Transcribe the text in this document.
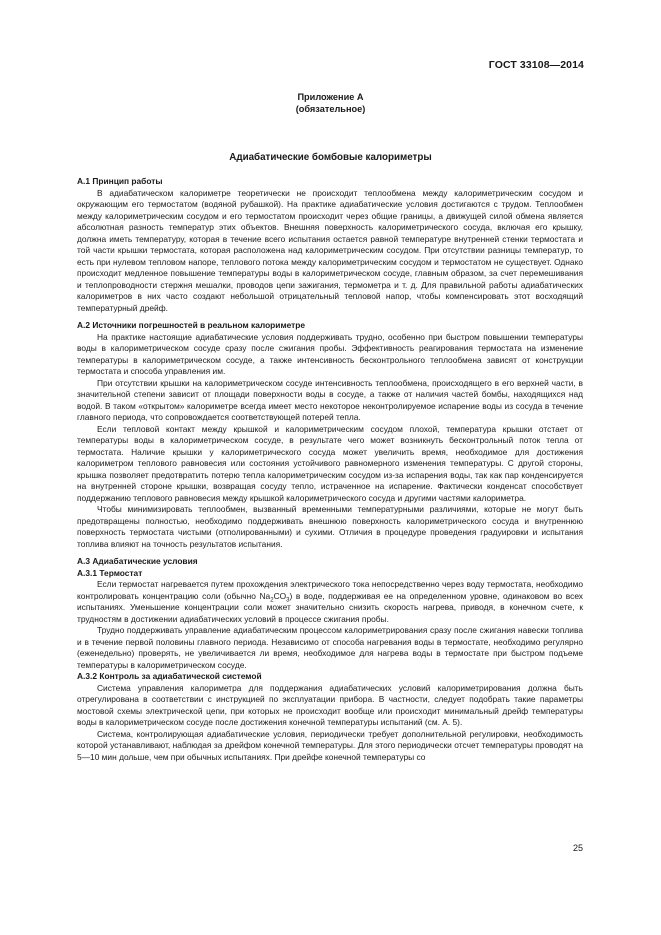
ГОСТ 33108—2014
Приложение А
(обязательное)
Адиабатические бомбовые калориметры

А.1 Принцип работы

В адиабатическом калориметре теоретически не происходит теплообмена между калориметрическим сосудом и окружающим его термостатом (водяной рубашкой). На практике адиабатические условия достигаются с трудом. Теплообмен между калориметрическим сосудом и его термостатом происходит через общие границы, а движущей силой обмена является абсолютная разность температур этих объектов. Внешняя поверхность калориметрического сосуда, включая его крышку, должна иметь температуру, которая в течение всего испытания остается равной температуре внутренней стенки термостата и той части крышки термостата, которая расположена над калориметрическим сосудом. При отсутствии разницы температур, то есть при нулевом тепловом напоре, теплового потока между калориметрическим сосудом и термостатом не существует. Однако происходит медленное повышение температуры воды в калориметрическом сосуде, главным образом, за счет перемешивания и теплопроводности стержня мешалки, проводов цепи зажигания, термометра и т. д. Для правильной работы адиабатических калориметров в них часто создают небольшой отрицательный тепловой напор, чтобы компенсировать этот восходящий температурный дрейф.

А.2 Источники погрешностей в реальном калориметре

На практике настоящие адиабатические условия поддерживать трудно, особенно при быстром повышении температуры воды в калориметрическом сосуде сразу после сжигания пробы. Эффективность реагирования термостата на изменение температуры в калориметрическом сосуде, а также интенсивность бесконтрольного теплообмена зависят от конструкции термостата и способа управления им.

При отсутствии крышки на калориметрическом сосуде интенсивность теплообмена, происходящего в его верхней части, в значительной степени зависит от площади поверхности воды в сосуде, а также от наличия частей бомбы, находящихся над водой. В таком «открытом» калориметре всегда имеет место некоторое неконтролируемое испарение воды из сосуда в течение главного периода, что сопровождается соответствующей потерей тепла.

Если тепловой контакт между крышкой и калориметрическим сосудом плохой, температура крышки отстает от температуры воды в калориметрическом сосуде, в результате чего может возникнуть бесконтрольный поток тепла от термостата. Наличие крышки у калориметрического сосуда может увеличить время, необходимое для достижения калориметром теплового равновесия или состояния устойчивого равномерного изменения температуры. С другой стороны, крышка позволяет предотвратить потерю тепла калориметрическим сосудом из-за испарения воды, так как пар конденсируется на внутренней стороне крышки, возвращая сосуду тепло, истраченное на испарение. Фактически конденсат способствует поддержанию теплового равновесия между крышкой калориметрического сосуда и другими частями калориметра.

Чтобы минимизировать теплообмен, вызванный временными температурными различиями, которые не могут быть предотвращены полностью, необходимо поддерживать внешнюю поверхность калориметрического сосуда и внутреннюю поверхность термостата чистыми (отполированными) и сухими. Отличия в процедуре проведения градуировки и испытания топлива влияют на точность результатов испытания.

А.3 Адиабатические условия

А.3.1 Термостат

Если термостат нагревается путем прохождения электрического тока непосредственно через воду термостата, необходимо контролировать концентрацию соли (обычно $Na_2CO_3$) в воде, поддерживая ее на определенном уровне, одинаковом во всех испытаниях. Уменьшение концентрации соли может значительно снизить скорость нагрева, приводя, в конечном счете, к трудностям в достижении адиабатических условий в процессе сжигания пробы.

Трудно поддерживать управление адиабатическим процессом калориметрирования сразу после сжигания навески топлива и в течение первой половины главного периода. Независимо от способа нагревания воды в термостате, необходимо регулярно (еженедельно) проверять, не увеличивается ли время, необходимое для нагрева воды в термостате при быстром подъеме температуры в калориметрическом сосуде.

А.3.2 Контроль за адиабатической системой

Система управления калориметра для поддержания адиабатических условий калориметрирования должна быть отрегулирована в соответствии с инструкцией по эксплуатации прибора. В частности, следует подобрать такие параметры мостовой схемы электрической цепи, при которых не происходит вообще или происходит минимальный дрейф температуры воды в калориметрическом сосуде после достижения конечной температуры испытаний (см. А. 5).

Система, контролирующая адиабатические условия, периодически требует дополнительной регулировки, необходимость которой устанавливают, наблюдая за дрейфом конечной температуры. Для этого периодически отсчет температуры проводят на 5—10 мин дольше, чем при обычных испытаниях. При дрейфе конечной температуры со

25
